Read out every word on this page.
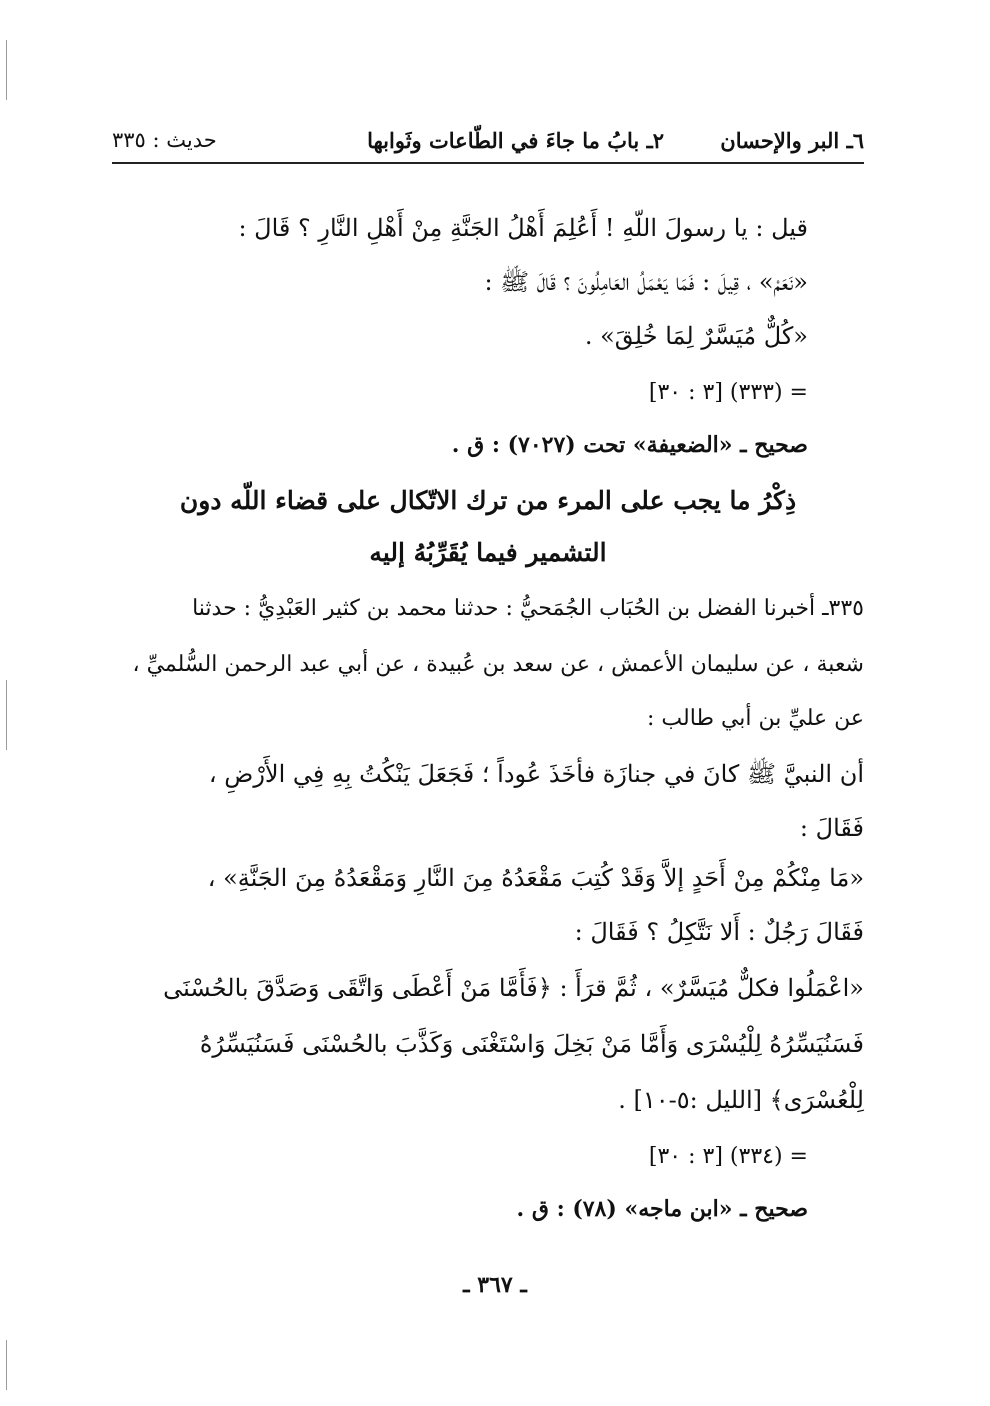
٦ـ البر والإحسان
٢ـ بابُ ما جاءَ في الطّاعات وثَوابها
حديث : ٣٣٥
قيل : يا رسولَ اللّهِ ! أَعُلِمَ أَهْلُ الجَنَّةِ مِنْ أَهْلِ النَّارِ ؟ قَالَ :
«نَعَمْ» ، قِيلَ : فَمَا يَعْمَلُ العَامِلُونَ ؟ قَالَ ﷺ :
«كُلٌّ مُيَسَّرٌ لِمَا خُلِقَ» .
= (٣٣٣) [٣ : ٣٠]
صحيح ـ «الضعيفة» تحت (٧٠٢٧) : ق .
ذِكْرُ ما يجب على المرء من ترك الاتّكال على قضاء اللّه دون
التشمير فيما يُقَرِّبُهُ إليه
٣٣٥ـ أخبرنا الفضل بن الحُبَاب الجُمَحيُّ : حدثنا محمد بن كثير العَبْدِيُّ : حدثنا
شعبة ، عن سليمان الأعمش ، عن سعد بن عُبيدة ، عن أبي عبد الرحمن السُّلميِّ ،
عن عليِّ بن أبي طالب :
أن النبيَّ ﷺ كانَ في جنازَة فأخَذَ عُوداً ؛ فَجَعَلَ يَنْكُتُ بِهِ فِي الأَرْضِ ،
فَقَالَ :
«مَا مِنْكُمْ مِنْ أَحَدٍ إلاَّ وَقَدْ كُتِبَ مَقْعَدُهُ مِنَ النَّارِ وَمَقْعَدُهُ مِنَ الجَنَّةِ» ،
فَقَالَ رَجُلٌ : أَلا نَتَّكِلُ ؟ فَقَالَ :
«اعْمَلُوا فكلٌّ مُيَسَّرٌ» ، ثُمَّ قرَأَ : ﴿فَأَمَّا مَنْ أَعْطَى وَاتَّقَى وَصَدَّقَ بالحُسْنَى
فَسَنُيَسِّرُهُ لِلْيُسْرَى وَأَمَّا مَنْ بَخِلَ وَاسْتَغْنَى وَكَذَّبَ بالحُسْنَى فَسَنُيَسِّرُهُ
لِلْعُسْرَى﴾ [الليل :٥-١٠] .
= (٣٣٤) [٣ : ٣٠]
صحيح ـ «ابن ماجه» (٧٨) : ق .
ـ ٣٦٧ ـ
